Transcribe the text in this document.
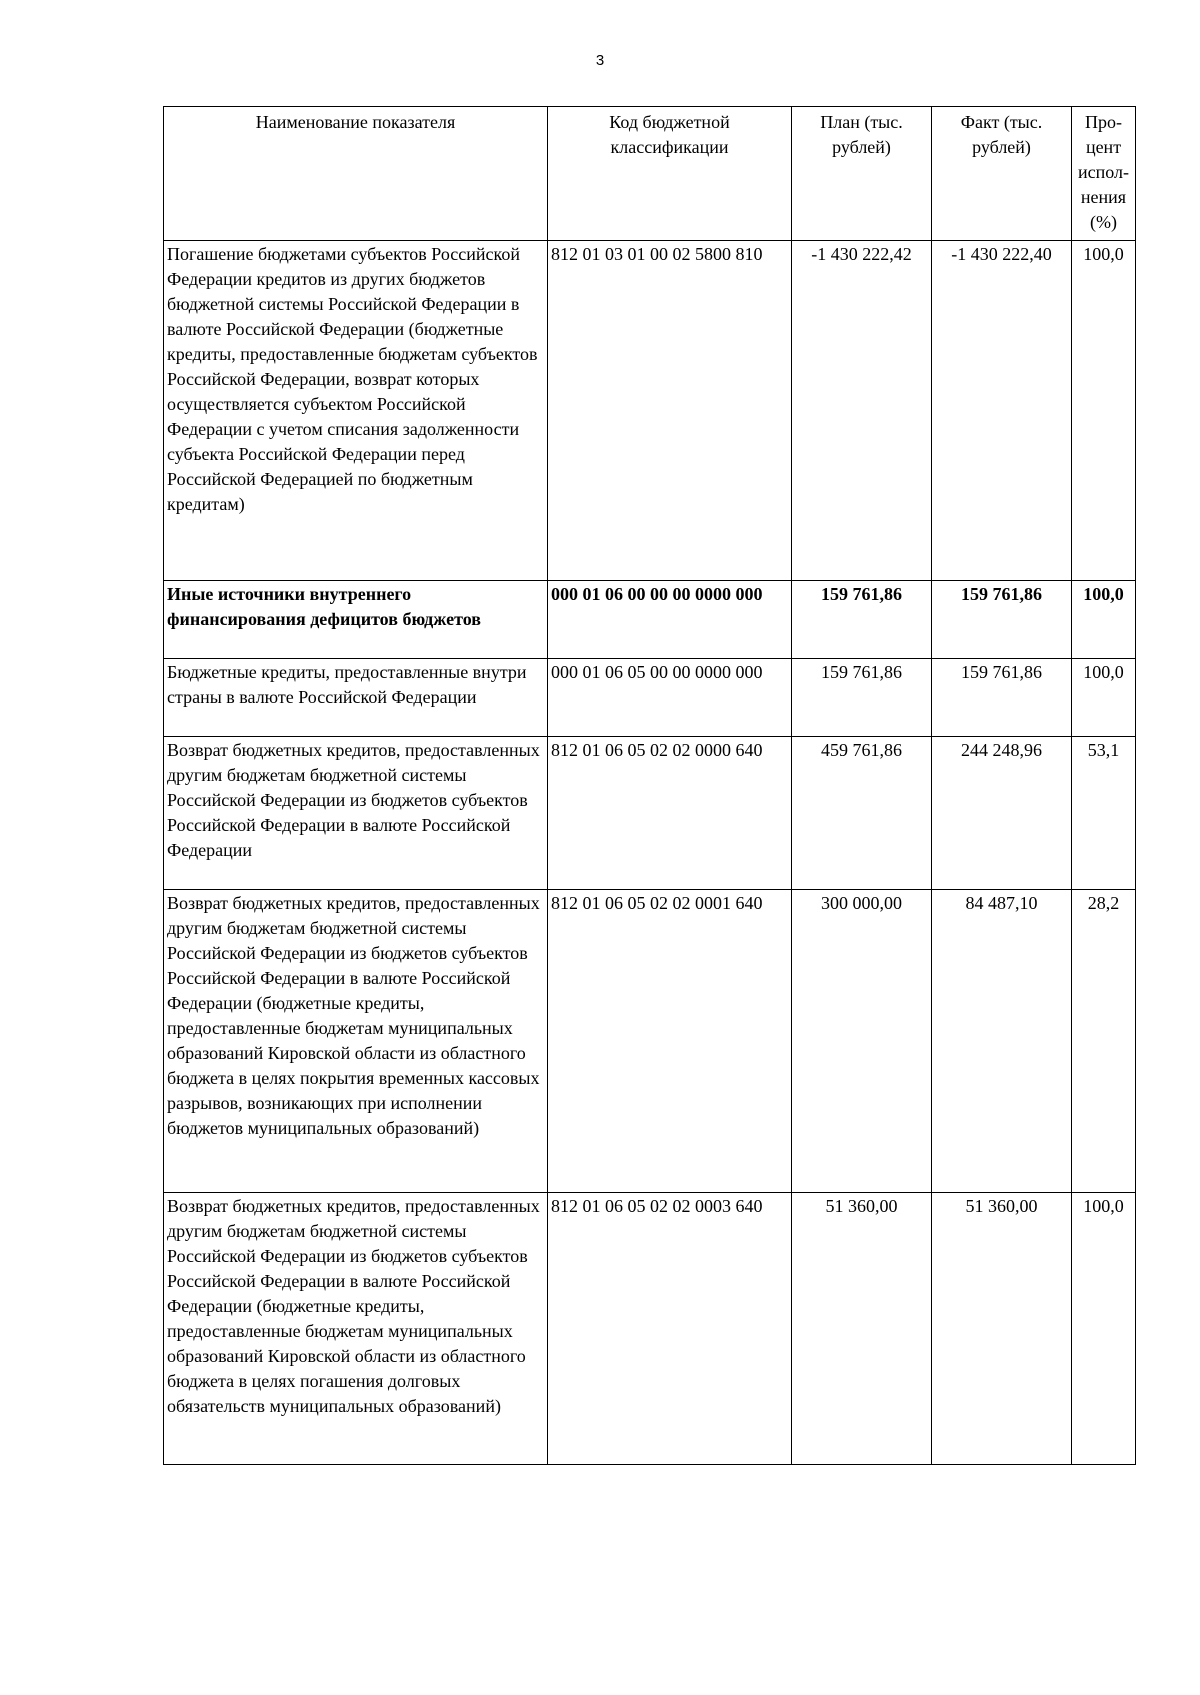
3
Наименование показателя	Код бюджетной классификации	План (тыс. рублей)	Факт (тыс. рублей)	Про- цент испол- нения (%)
Погашение бюджетами субъектов Российской Федерации кредитов из других бюджетов бюджетной системы Российской Федерации в валюте Российской Федерации (бюджетные кредиты, предоставленные бюджетам субъектов Российской Федерации, возврат которых осуществляется субъектом Российской Федерации с учетом списания задолженности субъекта Российской Федерации перед Российской Федерацией по бюджетным кредитам)	812 01 03 01 00 02 5800 810	-1 430 222,42	-1 430 222,40	100,0
Иные источники внутреннего финансирования дефицитов бюджетов	000 01 06 00 00 00 0000 000	159 761,86	159 761,86	100,0
Бюджетные кредиты, предоставленные внутри страны в валюте Российской Федерации	000 01 06 05 00 00 0000 000	159 761,86	159 761,86	100,0
Возврат бюджетных кредитов, предоставленных другим бюджетам бюджетной системы Российской Федерации из бюджетов субъектов Российской Федерации в валюте Российской Федерации	812 01 06 05 02 02 0000 640	459 761,86	244 248,96	53,1
Возврат бюджетных кредитов, предоставленных другим бюджетам бюджетной системы Российской Федерации из бюджетов субъектов Российской Федерации в валюте Российской Федерации (бюджетные кредиты, предоставленные бюджетам муниципальных образований Кировской области из областного бюджета в целях покрытия временных кассовых разрывов, возникающих при исполнении бюджетов муниципальных образований)	812 01 06 05 02 02 0001 640	300 000,00	84 487,10	28,2
Возврат бюджетных кредитов, предоставленных другим бюджетам бюджетной системы Российской Федерации из бюджетов субъектов Российской Федерации в валюте Российской Федерации (бюджетные кредиты, предоставленные бюджетам муниципальных образований Кировской области из областного бюджета в целях погашения долговых обязательств муниципальных образований)	812 01 06 05 02 02 0003 640	51 360,00	51 360,00	100,0
